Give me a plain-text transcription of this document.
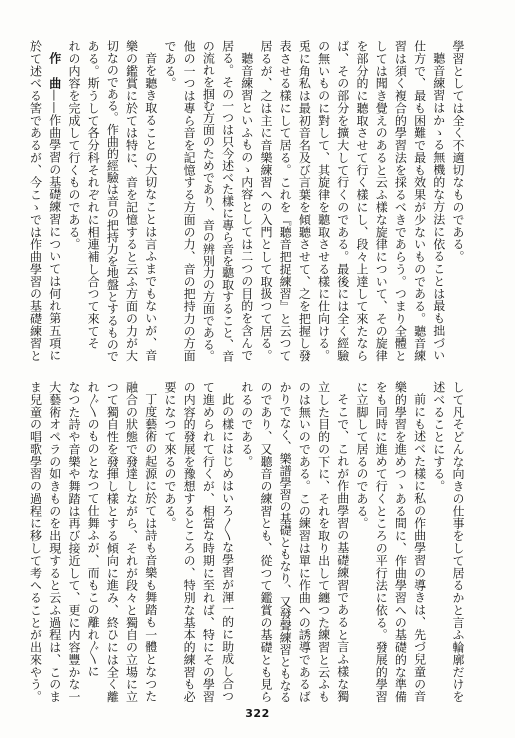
學習としては全く不適切なものである。
聽音練習はかゝる無機的な方法に依ることは最も拙づい
仕方で、最も困難で最も效果が少ないものである。聽音練
習は須く複合的學習法を採るべきであらう。つまり全體と
しては聞き覺えのあると云ふ樣な旋律について、その旋律
を部分的に聽取させて行く樣にし、段々上達して來たなら
ば、その部分を擴大して行くのである。最後には全く經驗
の無いものに對して、其旋律を聽取させる樣に仕向ける。
兎に角私は最初音名及び言葉を傾聽させて、之を把握し發
表させる樣にして居る。これを『聽音把捉練習』と云つて
居るが、之は主に音樂練習への入門として取扱つて居る。
聽音練習といふものゝ内容としては二つの目的を含んで
居る。その一つは只今述べた樣に專ら音を聽取すること、音
の流れを掴む方面のためであり、音の辨別力の方面である。
他の一つは專ら音を記憶する方面の力、音の把持力の方面
である。
音を聽き取ることの大切なことは言ふまでもないが、音
樂の鑑賞に於ては特に、音を記憶すると云ふ方面の力が大
切なのである。作曲的經驗は音の把持力を地盤とするもので
ある。斯うして各分科それぞれに相連補し合つて來てそ
れの内容を完成して行くものである。
作　曲——作曲學習の基礎練習については何れ第五項に
於て述べる筈であるが、今こゝでは作曲學習の基礎練習と
して凡そどんな向きの仕事をして居るかと言ふ輪廓だけを
述べることにする。
前にも述べた樣に私の作曲學習の導きは、先づ兒童の音
樂的學習を進めつゝある間に、作曲學習への基礎的な準備
をも同時に進めて行くところの平行法に依る。發展的學習
に立脚して居るのである。
そこで、これが作曲學習の基礎練習であると言ふ樣な獨
立した目的の下に、それを取り出して纏つた練習と云ふも
のは無いのである。この練習は單に作曲への誘導であるば
かりでなく、樂譜學習の基礎ともなり、又發聲練習ともなる
のであり、又聽音の練習とも、從つて鑑賞の基礎とも見ら
れるのである。
此の樣にはじめはいろ〳〵な學習が渾一的に助成し合つ
て進められて行くが、相當な時期に至れば、特にその學習
の内容的發展を豫想するところの、特別な基本的練習も必
要になつて來るのである。
丁度藝術の起源に於ては詩も音樂も舞踏も一體となつた
融合の狀態で發達しながら、それが段々と獨自の立場に立
つて獨自性を發揮し樣とする傾向に進み、終ひには全く離
れ〴〵のものとなつて仕舞ふが、而もこの離れ〴〵に
なつた詩や音樂や舞踏は再び接近して、更に内容豐かな一
大藝術オペラの如きものを出現すると云ふ過程は、このま
ま兒童の唱歌學習の過程に移して考へることが出來やう。
322
